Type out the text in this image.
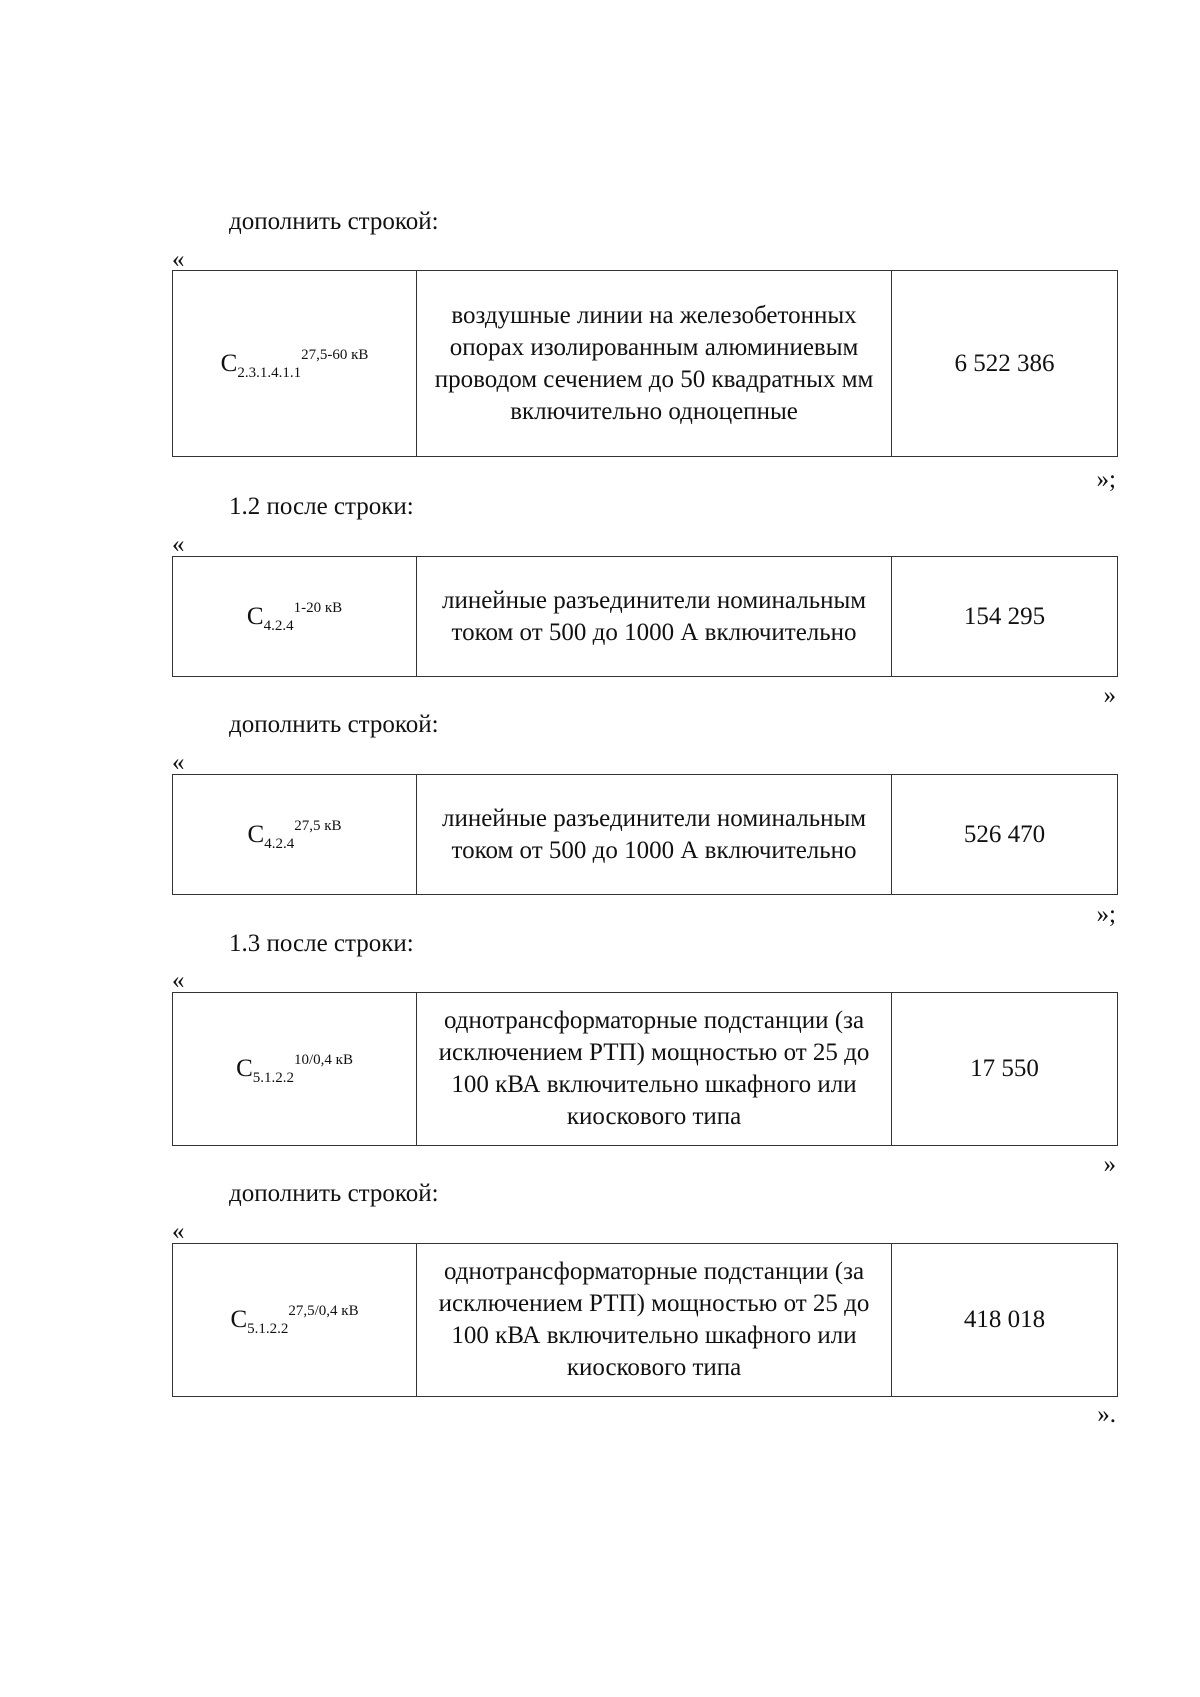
дополнить строкой:
«
$С_{2.3.1.4.1.1}^{27,5-60 кВ}$	воздушные линии на железобетонных опорах изолированным алюминиевым проводом сечением до 50 квадратных мм включительно одноцепные	6 522 386
»;
1.2 после строки:
«
$С_{4.2.4}^{1-20 кВ}$	линейные разъединители номинальным током от 500 до 1000 А включительно	154 295
»
дополнить строкой:
«
$С_{4.2.4}^{27,5 кВ}$	линейные разъединители номинальным током от 500 до 1000 А включительно	526 470
»;
1.3 после строки:
«
$С_{5.1.2.2}^{10/0,4 кВ}$	однотрансформаторные подстанции (за исключением РТП) мощностью от 25 до 100 кВА включительно шкафного или киоскового типа	17 550
»
дополнить строкой:
«
$С_{5.1.2.2}^{27,5/0,4 кВ}$	однотрансформаторные подстанции (за исключением РТП) мощностью от 25 до 100 кВА включительно шкафного или киоскового типа	418 018
».
